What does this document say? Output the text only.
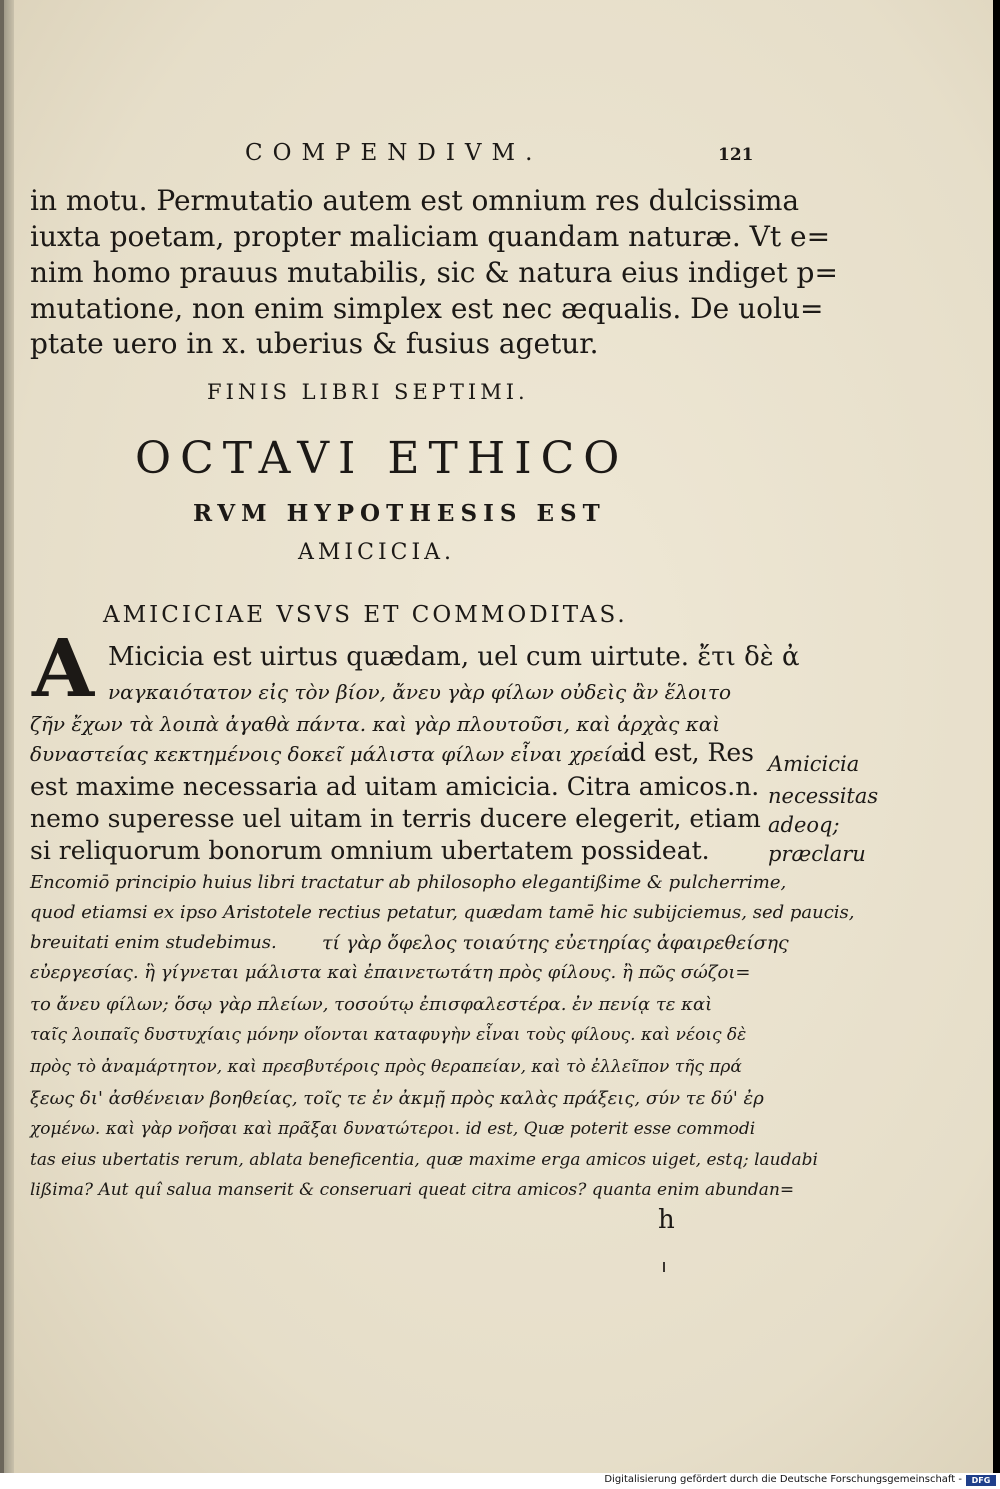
COMPENDIVM.	121
in motu. Permutatio autem est omnium res dulcissima
iuxta poetam, propter maliciam quandam naturæ. Vt e=
nim homo prauus mutabilis, sic & natura eius indiget p=
mutatione, non enim simplex est nec æqualis. De uolu=
ptate uero in x. uberius & fusius agetur.
FINIS LIBRI SEPTIMI.
OCTAVI ETHICO
RVM HYPOTHESIS EST
AMICICIA.
AMICICIAE VSVS ET COMMODITAS.
A Micicia est uirtus quædam, uel cum uirtute. ἔτι δὲ ἀ
ναγκαιότατον εἰς τὸν βίον, ἄνευ γὰρ φίλων οὐδεὶς ἂν ἕλοιτο
ζῆν ἔχων τὰ λοιπὰ ἀγαθὰ πάντα. καὶ γὰρ πλουτοῦσι, καὶ ἀρχὰς καὶ
δυναστείας κεκτημένοις δοκεῖ μάλιστα φίλων εἶναι χρεία.
id est, Res
est maxime necessaria ad uitam amicicia. Citra amicos.n.
nemo superesse uel uitam in terris ducere elegerit, etiam
si reliquorum bonorum omnium ubertatem possideat.
Amicicia
necessitas
adeoq;
præclaru
Encomiō principio huius libri tractatur ab philosopho elegantißime & pulcherrime,
quod etiamsi ex ipso Aristotele rectius petatur, quædam tamē hic subijciemus, sed paucis,
breuitati enim studebimus. τί γὰρ ὄφελος τοιαύτης εὐετηρίας ἀφαιρεθείσης
εὐεργεσίας. ἣ γίγνεται μάλιστα καὶ ἐπαινετωτάτη πρὸς φίλους. ἢ πῶς σώζοι=
το ἄνευ φίλων; ὅσῳ γὰρ πλείων, τοσούτῳ ἐπισφαλεστέρα. ἐν πενίᾳ τε καὶ
ταῖς λοιπαῖς δυστυχίαις μόνην οἴονται καταφυγὴν εἶναι τοὺς φίλους. καὶ νέοις δὲ
πρὸς τὸ ἀναμάρτητον, καὶ πρεσβυτέροις πρὸς θεραπείαν, καὶ τὸ ἐλλεῖπον τῆς πρά
ξεως δι' ἀσθένειαν βοηθείας, τοῖς τε ἐν ἀκμῇ πρὸς καλὰς πράξεις, σύν τε δύ' ἐρ
χομένω. καὶ γὰρ νοῆσαι καὶ πρᾶξαι δυνατώτεροι. id est, Quæ poterit esse commodi
tas eius ubertatis rerum, ablata beneficentia, quæ maxime erga amicos uiget, estq; laudabi
lißima? Aut quî salua manserit & conseruari queat citra amicos? quanta enim abundan=
h
Digitalisierung gefördert durch die Deutsche Forschungsgemeinschaft -	DFG
